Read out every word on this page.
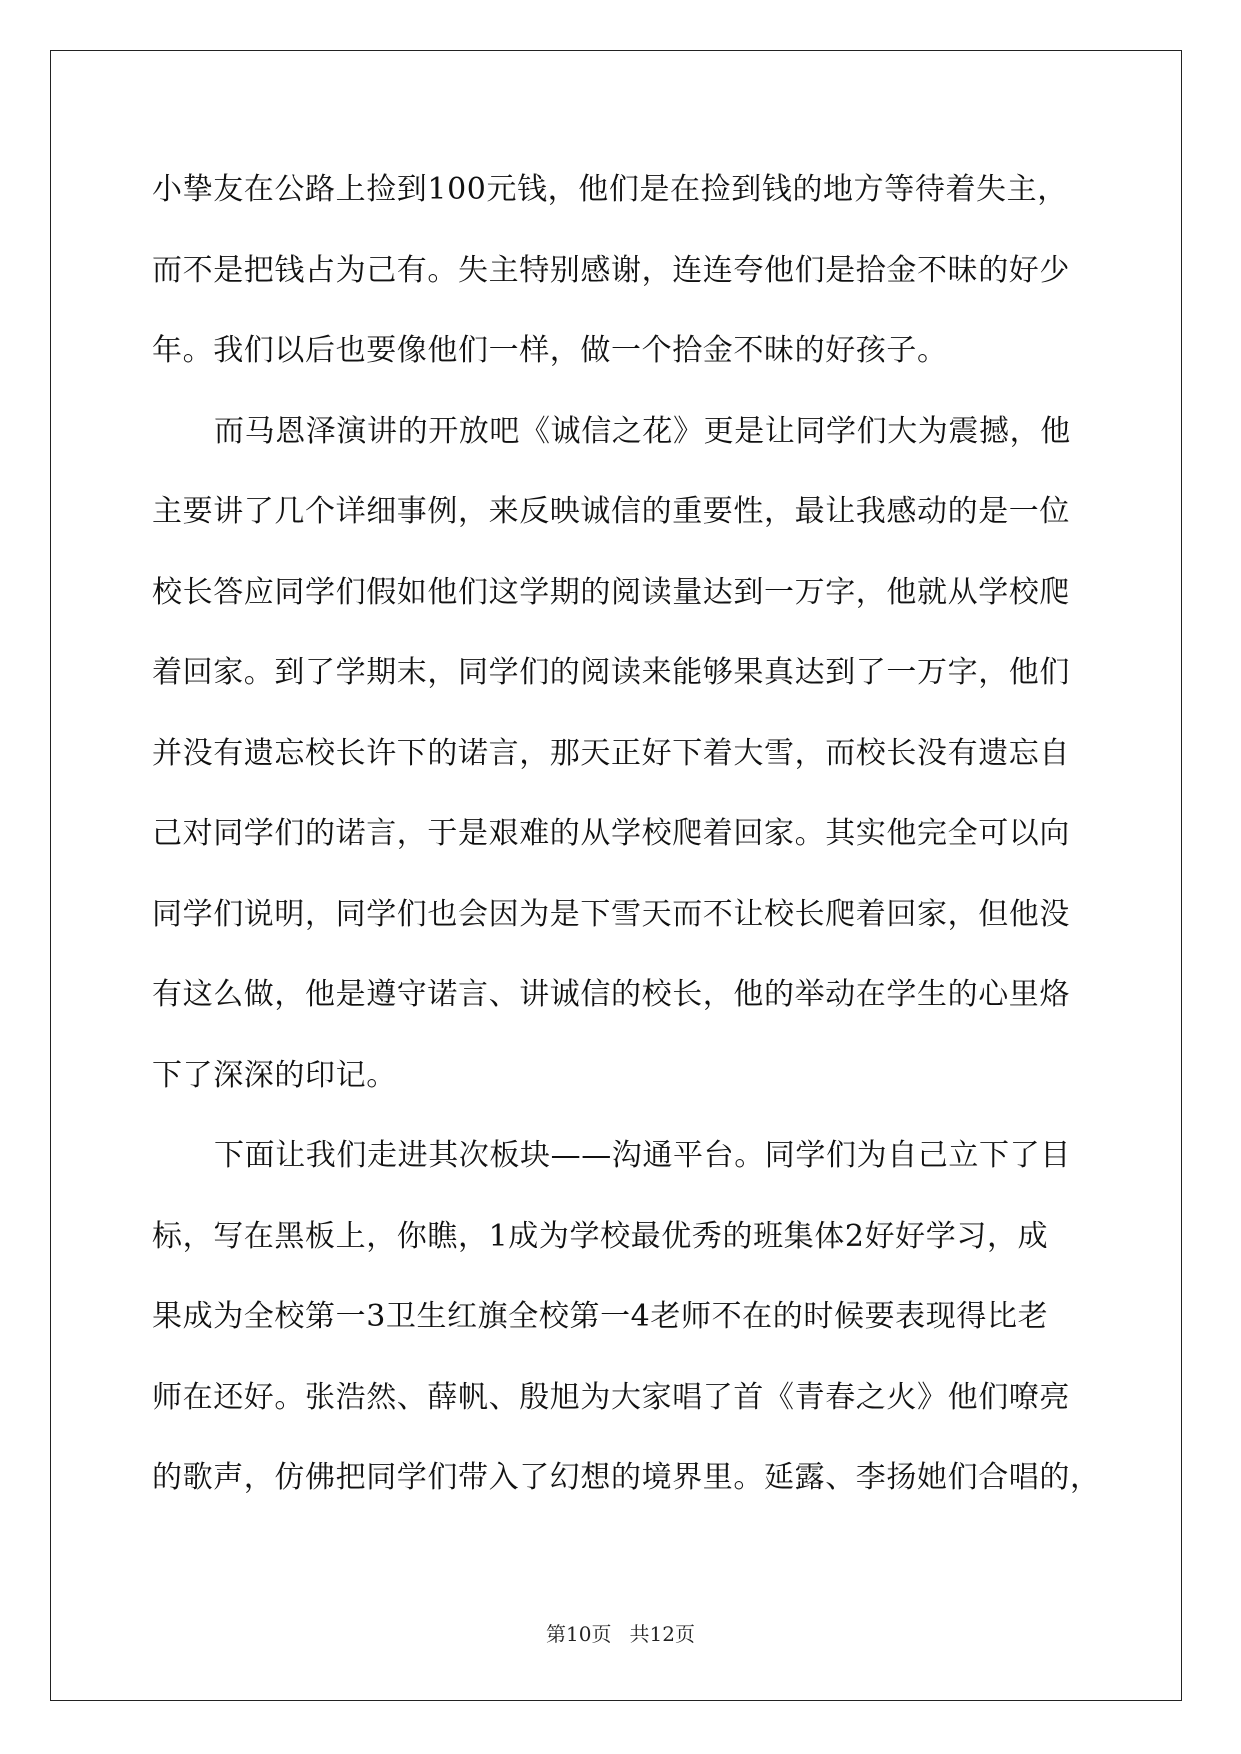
小挚友在公路上捡到100元钱，他们是在捡到钱的地方等待着失主，
而不是把钱占为己有。失主特别感谢，连连夸他们是拾金不昧的好少
年。我们以后也要像他们一样，做一个拾金不昧的好孩子。
而马恩泽演讲的开放吧《诚信之花》更是让同学们大为震撼，他
主要讲了几个详细事例，来反映诚信的重要性，最让我感动的是一位
校长答应同学们假如他们这学期的阅读量达到一万字，他就从学校爬
着回家。到了学期末，同学们的阅读来能够果真达到了一万字，他们
并没有遗忘校长许下的诺言，那天正好下着大雪，而校长没有遗忘自
己对同学们的诺言，于是艰难的从学校爬着回家。其实他完全可以向
同学们说明，同学们也会因为是下雪天而不让校长爬着回家，但他没
有这么做，他是遵守诺言、讲诚信的校长，他的举动在学生的心里烙
下了深深的印记。
下面让我们走进其次板块——沟通平台。同学们为自己立下了目
标，写在黑板上，你瞧，1成为学校最优秀的班集体2好好学习，成
果成为全校第一3卫生红旗全校第一4老师不在的时候要表现得比老
师在还好。张浩然、薛帆、殷旭为大家唱了首《青春之火》他们嘹亮
的歌声，仿佛把同学们带入了幻想的境界里。延露、李扬她们合唱的，
第10页 共12页
